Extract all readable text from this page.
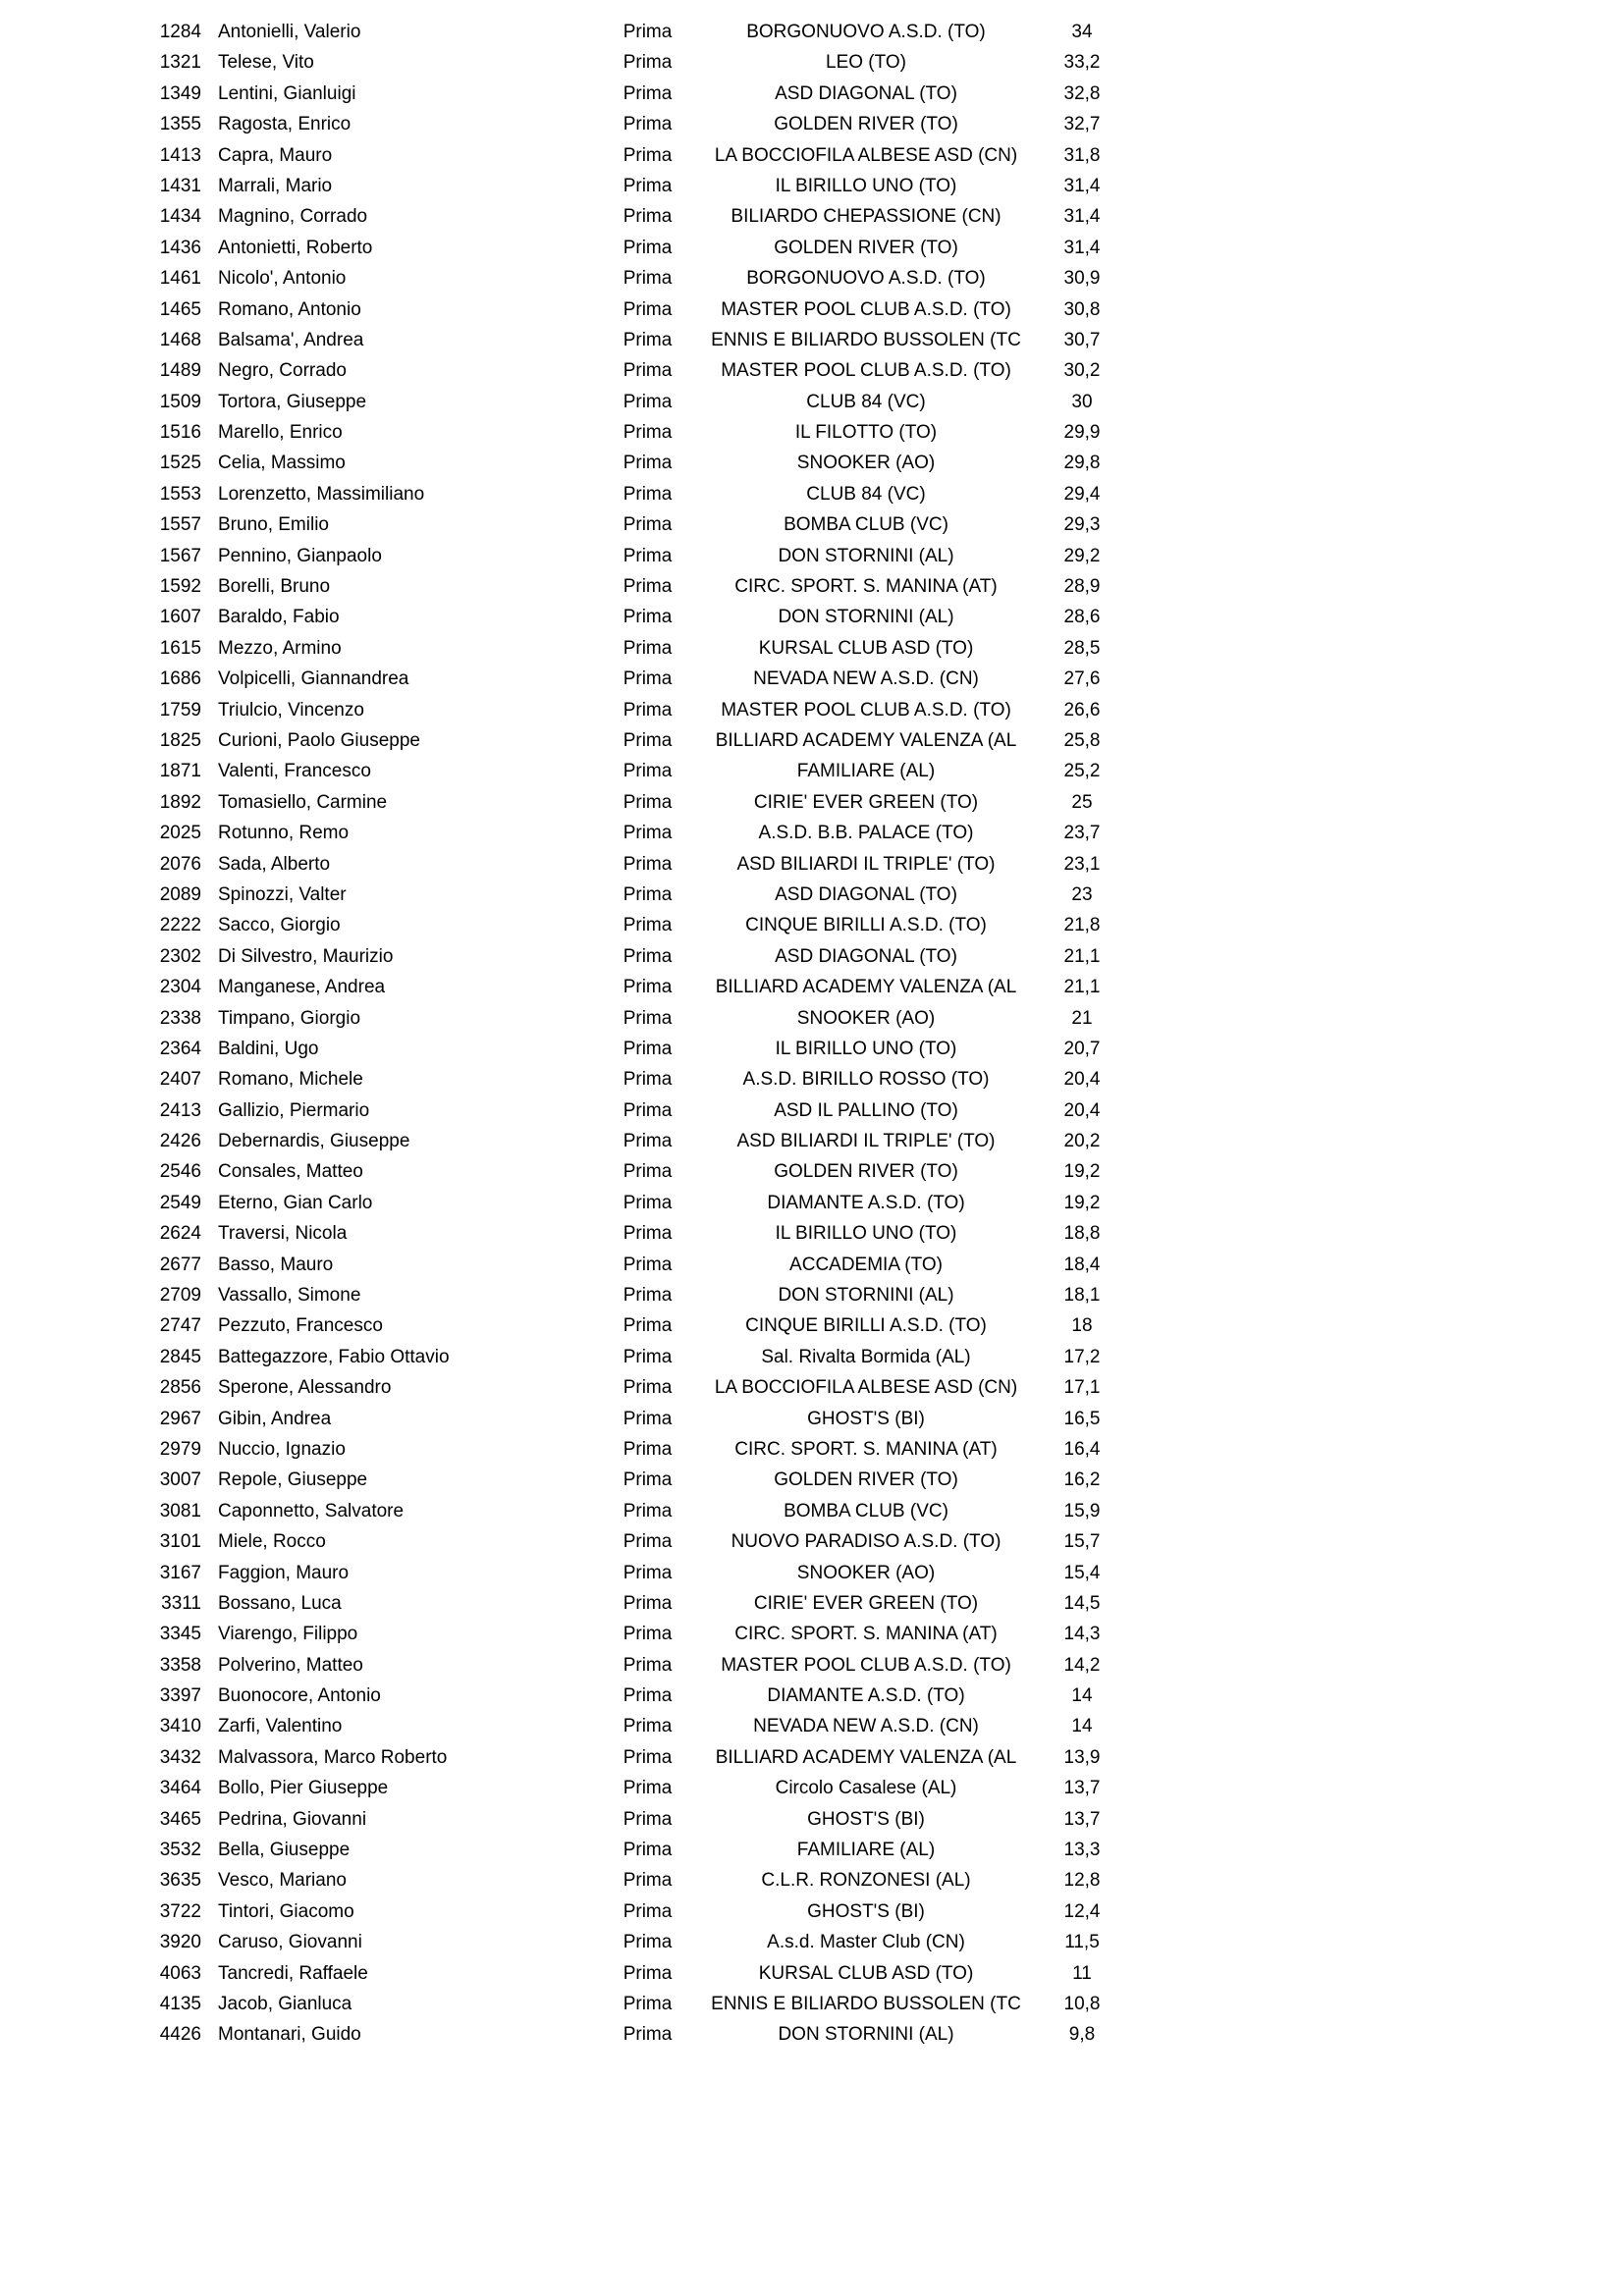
1284 Antonielli, Valerio	Prima	BORGONUOVO A.S.D. (TO)	34
1321 Telese, Vito	Prima	LEO (TO)	33,2
1349 Lentini, Gianluigi	Prima	ASD DIAGONAL (TO)	32,8
1355 Ragosta, Enrico	Prima	GOLDEN RIVER (TO)	32,7
1413 Capra, Mauro	Prima	LA BOCCIOFILA ALBESE ASD (CN)	31,8
1431 Marrali, Mario	Prima	IL BIRILLO UNO (TO)	31,4
1434 Magnino, Corrado	Prima	BILIARDO CHEPASSIONE (CN)	31,4
1436 Antonietti, Roberto	Prima	GOLDEN RIVER (TO)	31,4
1461 Nicolo', Antonio	Prima	BORGONUOVO A.S.D. (TO)	30,9
1465 Romano, Antonio	Prima	MASTER POOL CLUB A.S.D. (TO)	30,8
1468 Balsama', Andrea	Prima	ENNIS E BILIARDO BUSSOLEN (TC	30,7
1489 Negro, Corrado	Prima	MASTER POOL CLUB A.S.D. (TO)	30,2
1509 Tortora, Giuseppe	Prima	CLUB 84 (VC)	30
1516 Marello, Enrico	Prima	IL FILOTTO (TO)	29,9
1525 Celia, Massimo	Prima	SNOOKER (AO)	29,8
1553 Lorenzetto, Massimiliano	Prima	CLUB 84 (VC)	29,4
1557 Bruno, Emilio	Prima	BOMBA CLUB (VC)	29,3
1567 Pennino, Gianpaolo	Prima	DON STORNINI (AL)	29,2
1592 Borelli, Bruno	Prima	CIRC. SPORT. S. MANINA (AT)	28,9
1607 Baraldo, Fabio	Prima	DON STORNINI (AL)	28,6
1615 Mezzo, Armino	Prima	KURSAL CLUB ASD (TO)	28,5
1686 Volpicelli, Giannandrea	Prima	NEVADA NEW A.S.D. (CN)	27,6
1759 Triulcio, Vincenzo	Prima	MASTER POOL CLUB A.S.D. (TO)	26,6
1825 Curioni, Paolo Giuseppe	Prima	BILLIARD ACADEMY VALENZA (AL	25,8
1871 Valenti, Francesco	Prima	FAMILIARE (AL)	25,2
1892 Tomasiello, Carmine	Prima	CIRIE' EVER GREEN (TO)	25
2025 Rotunno, Remo	Prima	A.S.D. B.B. PALACE (TO)	23,7
2076 Sada, Alberto	Prima	ASD BILIARDI IL TRIPLE' (TO)	23,1
2089 Spinozzi, Valter	Prima	ASD DIAGONAL (TO)	23
2222 Sacco, Giorgio	Prima	CINQUE BIRILLI A.S.D. (TO)	21,8
2302 Di Silvestro, Maurizio	Prima	ASD DIAGONAL (TO)	21,1
2304 Manganese, Andrea	Prima	BILLIARD ACADEMY VALENZA (AL	21,1
2338 Timpano, Giorgio	Prima	SNOOKER (AO)	21
2364 Baldini, Ugo	Prima	IL BIRILLO UNO (TO)	20,7
2407 Romano, Michele	Prima	A.S.D. BIRILLO ROSSO (TO)	20,4
2413 Gallizio, Piermario	Prima	ASD IL PALLINO (TO)	20,4
2426 Debernardis, Giuseppe	Prima	ASD BILIARDI IL TRIPLE' (TO)	20,2
2546 Consales, Matteo	Prima	GOLDEN RIVER (TO)	19,2
2549 Eterno, Gian Carlo	Prima	DIAMANTE A.S.D. (TO)	19,2
2624 Traversi, Nicola	Prima	IL BIRILLO UNO (TO)	18,8
2677 Basso, Mauro	Prima	ACCADEMIA (TO)	18,4
2709 Vassallo, Simone	Prima	DON STORNINI (AL)	18,1
2747 Pezzuto, Francesco	Prima	CINQUE BIRILLI A.S.D. (TO)	18
2845 Battegazzore, Fabio Ottavio	Prima	Sal. Rivalta Bormida (AL)	17,2
2856 Sperone, Alessandro	Prima	LA BOCCIOFILA ALBESE ASD (CN)	17,1
2967 Gibin, Andrea	Prima	GHOST'S (BI)	16,5
2979 Nuccio, Ignazio	Prima	CIRC. SPORT. S. MANINA (AT)	16,4
3007 Repole, Giuseppe	Prima	GOLDEN RIVER (TO)	16,2
3081 Caponnetto, Salvatore	Prima	BOMBA CLUB (VC)	15,9
3101 Miele, Rocco	Prima	NUOVO PARADISO A.S.D. (TO)	15,7
3167 Faggion, Mauro	Prima	SNOOKER (AO)	15,4
3311 Bossano, Luca	Prima	CIRIE' EVER GREEN (TO)	14,5
3345 Viarengo, Filippo	Prima	CIRC. SPORT. S. MANINA (AT)	14,3
3358 Polverino, Matteo	Prima	MASTER POOL CLUB A.S.D. (TO)	14,2
3397 Buonocore, Antonio	Prima	DIAMANTE A.S.D. (TO)	14
3410 Zarfi, Valentino	Prima	NEVADA NEW A.S.D. (CN)	14
3432 Malvassora, Marco Roberto	Prima	BILLIARD ACADEMY VALENZA (AL	13,9
3464 Bollo, Pier Giuseppe	Prima	Circolo Casalese (AL)	13,7
3465 Pedrina, Giovanni	Prima	GHOST'S (BI)	13,7
3532 Bella, Giuseppe	Prima	FAMILIARE (AL)	13,3
3635 Vesco, Mariano	Prima	C.L.R. RONZONESI (AL)	12,8
3722 Tintori, Giacomo	Prima	GHOST'S (BI)	12,4
3920 Caruso, Giovanni	Prima	A.s.d. Master Club (CN)	11,5
4063 Tancredi, Raffaele	Prima	KURSAL CLUB ASD (TO)	11
4135 Jacob, Gianluca	Prima	ENNIS E BILIARDO BUSSOLEN (TC	10,8
4426 Montanari, Guido	Prima	DON STORNINI (AL)	9,8
